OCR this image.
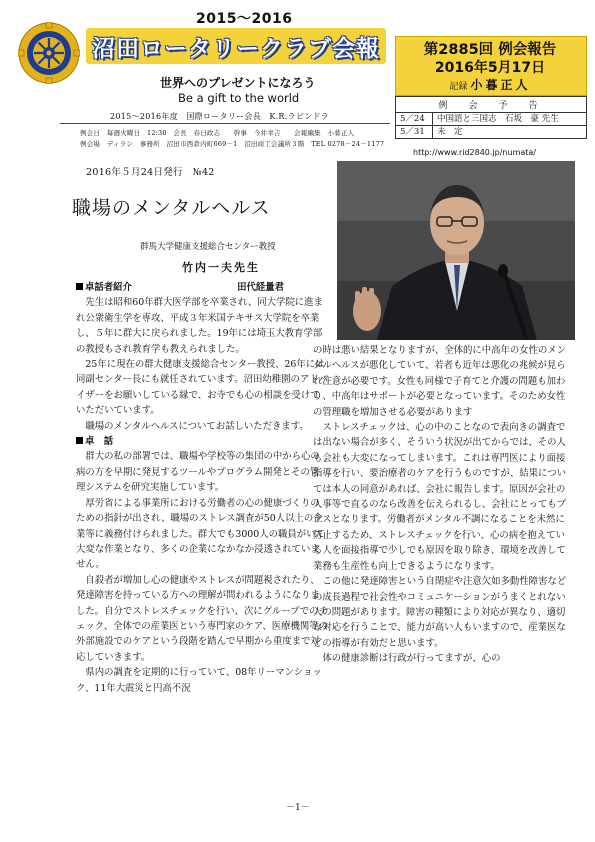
2015～2016
沼田ロータリークラブ会報
世界へのプレゼントになろう
Be a gift to the world
2015～2016年度　国際ロータリー会長　K.R.ラビンドラ
例会日　毎週火曜日　12:30　会長　春日政志　　幹事　今井幸吉　　会報編集　小暮正人
例会場　ディラン　事務所　沼田市西倉内町669－1　沼田商工会議所３階　TEL 0278－24－1177
第2885回 例会報告
2016年5月17日
記録 小暮正人
例　会　予　告
5／24	中国語と三国志　石坂　豪 先生
5／31	未　定
http://www.rid2840.jp/numata/
2016年５月24日発行　№42
職場のメンタルヘルス
群馬大学健康支援総合センター教授
竹内一夫先生
卓話者紹介	田代経量君

先生は昭和60年群大医学部を卒業され、同大学院に進まれ公衆衛生学を専攻、平成３年米国テキサス大学院を卒業し、５年に群大に戻られました。19年には埼玉大教育学部の教授もされ教育学も教えられました。

25年に現在の群大健康支援総合センター教授、26年には同副センター長にも就任されています。沼田幼稚園のアドバイザーをお願いしている縁で、お寺でも心の相談を受けていただいています。

職場のメンタルヘルスについてお話しいただきます。

卓　話

群大の私の部署では、職場や学校等の集団の中から心の病の方を早期に発見するツールやプログラム開発とその管理システムを研究実施しています。

厚労省による事業所における労働者の心の健康づくりのための指針が出され、職場のストレス調査が50人以上の企業等に義務付けられました。群大でも3000人の職員がいて大変な作業となり、多くの企業になかなか浸透されていません。

自殺者が増加し心の健康やストレスが問題視されたり、発達障害を持っている方への理解が問われるようになりました。自分でストレスチェックを行い、次にグループでのチェック、全体での産業医という専門家のケア、医療機関等の外部施設でのケアという段階を踏んで早期から重度まで対応していきます。

県内の調査を定期的に行っていて、08年リーマンショック、11年大震災と円高不況

の時は悪い結果となりますが、全体的に中高年の女性のメンタルヘルスが悪化していて、若者も近年は悪化の兆候が見られ注意が必要です。女性も同様で子育てと介護の問題も加わり、中高年はサポートが必要となっています。そのため女性の管理職を増加させる必要があります

ストレスチェックは、心の中のことなので表向きの調査では出ない場合が多く、そういう状況が出てからでは、その人も会社も大変になってしまいます。これは専門医により面接指導を行い、要治療者のケアを行うものですが、結果については本人の同意があれば、会社に報告します。原因が会社の人事等で直るのなら改善を伝えられるし、会社にとってもプラスとなります。労働者がメンタル不調になることを未然に防止するため、ストレスチェックを行い、心の病を抱えている人を面接指導で少しでも原因を取り除き、環境を改善して業務も生産性も向上できるようになります。

この他に発達障害という自閉症や注意欠如多動性障害などの成長過程で社会性やコミュニケーションがうまくとれない人の問題があります。障害の種類により対応が異なり、適切な対応を行うことで、能力が高い人もいますので、産業医などの指導が有効だと思います。

体の健康診断は行政が行ってますが、心の

－1－
